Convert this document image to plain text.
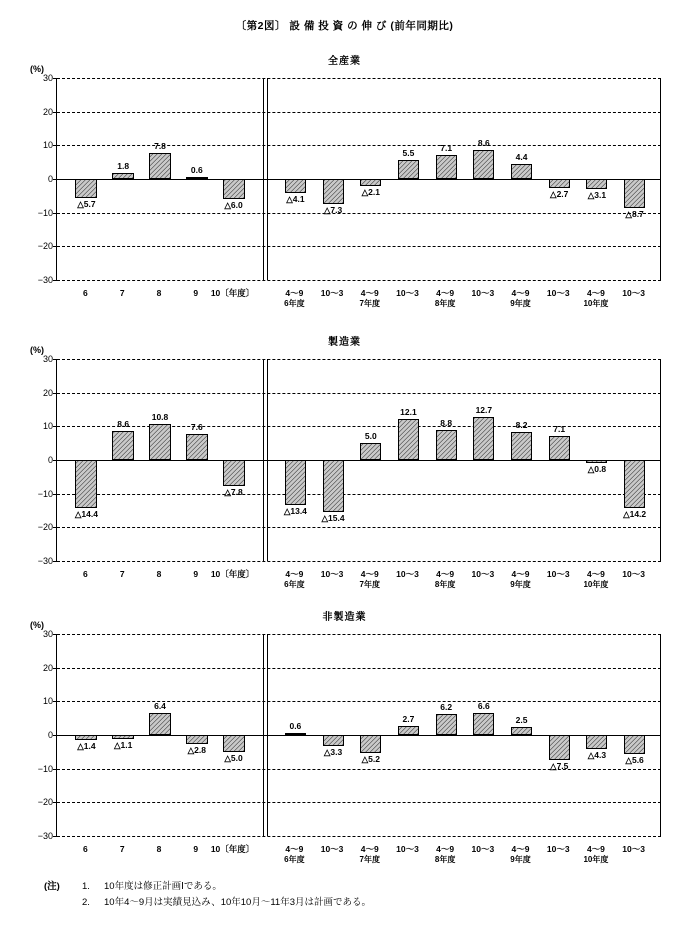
〔第2図〕 設 備 投 資 の 伸 び (前年同期比)
全産業
(%)
30
20
10
0
−10
−20
−30
△5.7
1.8
7.8
0.6
△6.0
△4.1
△7.3
△2.1
5.5
7.1
8.6
4.4
△2.7 △3.1
△8.7
6	7	8	9 10〔年度〕	4～9
6年度
10～3 4～9
7年度
10～3 4～9
8年度
10～3 4～9
9年度
10～3	4～9
10年度
10～3
製造業
(%)
30
20
10
0
−10
−20
−30
△14.4
8.6
10.8
7.6
△7.8
△13.4
△15.4
5.0
12.1
8.8
12.7
8.2	7.1
△0.8
△14.2
6	7	8	9 10〔年度〕	4～9
6年度
10～3 4～9
7年度
10～3 4～9
8年度
10～3 4～9
9年度
10～3	4～9
10年度
10～3
非製造業
(%)
30
20
10
0
−10
−20
−30
△1.4 △1.1
6.4
△2.8
△5.0
0.6
△3.3
△5.2
2.7
6.2	6.6
2.5
△7.5
△4.3 △5.6
6	7	8	9 10〔年度〕	4～9
6年度
10～3 4～9
7年度
10～3 4～9
8年度
10～3 4～9
9年度
10～3	4～9
10年度
10～3
(注)	1.	10年度は修正計画Ⅰである。
2.	10年4～9月は実績見込み、10年10月～11年3月は計画である。
